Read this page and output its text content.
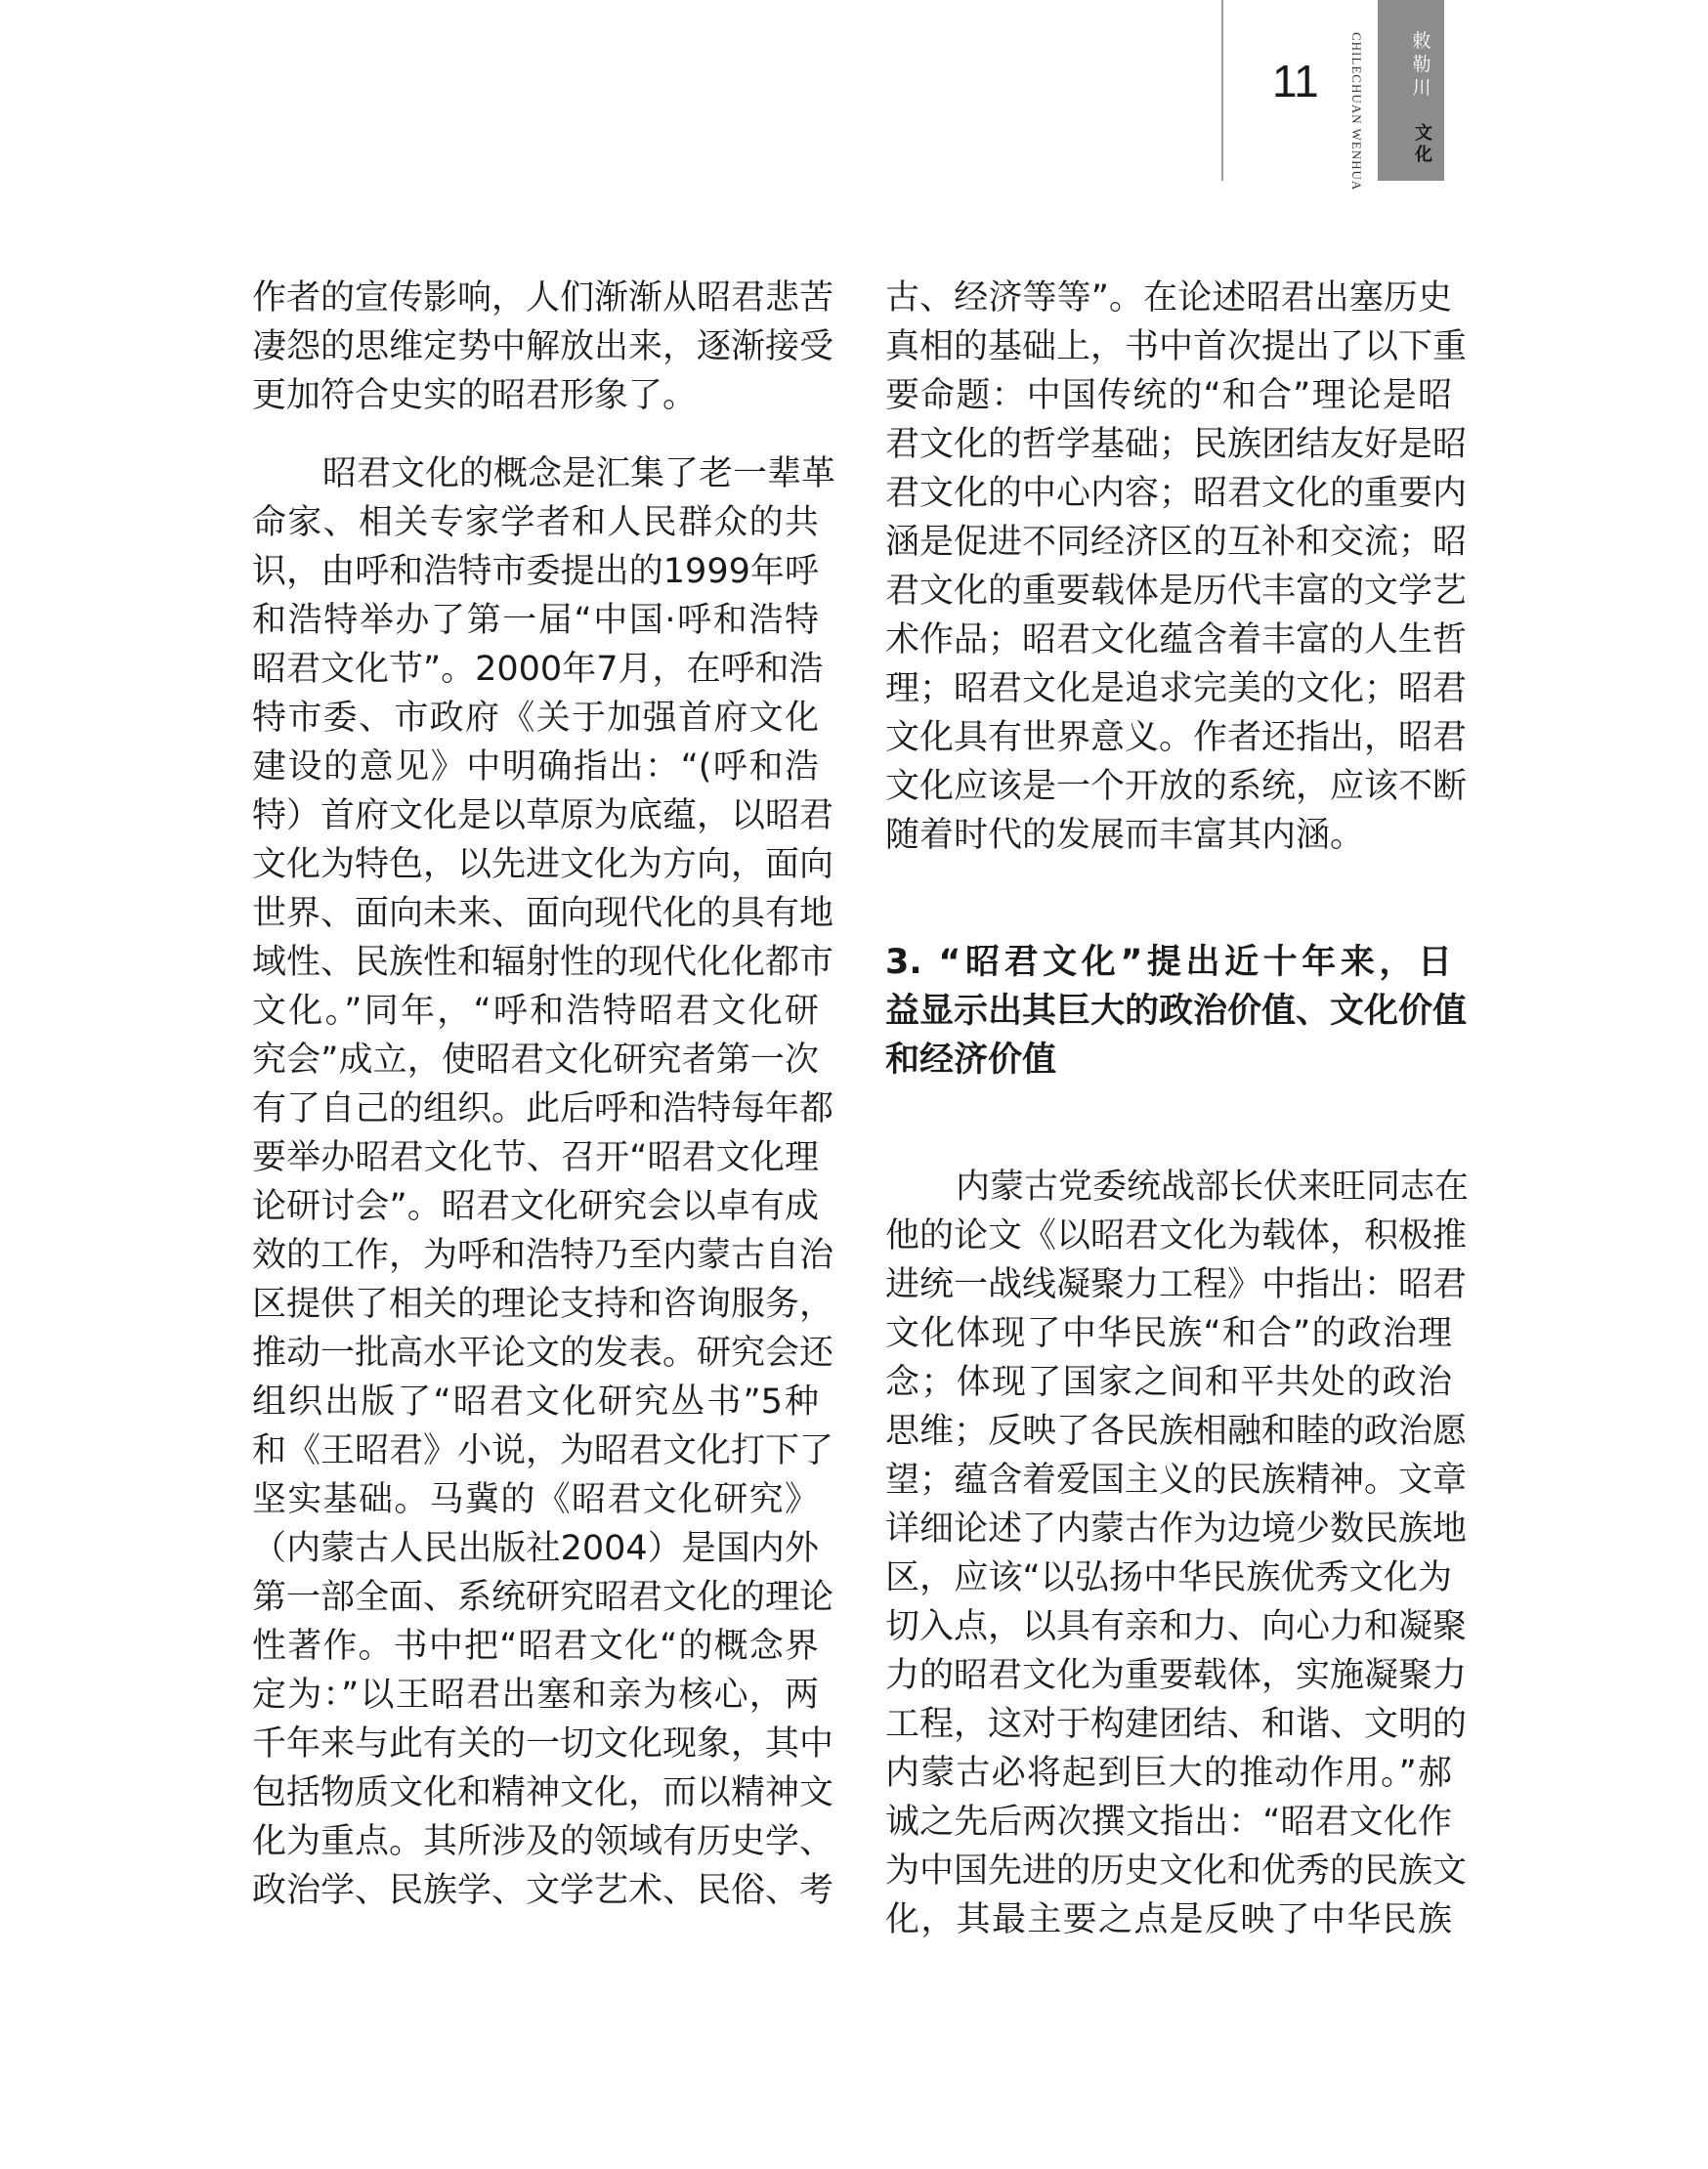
11	CHILECHUAN WENHUA	敕勒川
文化
作者的宣传影响，人们渐渐从昭君悲苦
凄怨的思维定势中解放出来，逐渐接受
更加符合史实的昭君形象了。
昭君文化的概念是汇集了老一辈革
命家、相关专家学者和人民群众的共
识，由呼和浩特市委提出的1999年呼
和浩特举办了第一届“中国·呼和浩特
昭君文化节”。2000年7月，在呼和浩
特市委、市政府《关于加强首府文化
建设的意见》中明确指出：“(呼和浩
特）首府文化是以草原为底蕴，以昭君
文化为特色，以先进文化为方向，面向
世界、面向未来、面向现代化的具有地
域性、民族性和辐射性的现代化化都市
文化。”同年，“呼和浩特昭君文化研
究会”成立，使昭君文化研究者第一次
有了自己的组织。此后呼和浩特每年都
要举办昭君文化节、召开“昭君文化理
论研讨会”。昭君文化研究会以卓有成
效的工作，为呼和浩特乃至内蒙古自治
区提供了相关的理论支持和咨询服务，
推动一批高水平论文的发表。研究会还
组织出版了“昭君文化研究丛书”5种
和《王昭君》小说，为昭君文化打下了
坚实基础。马冀的《昭君文化研究》
（内蒙古人民出版社2004）是国内外
第一部全面、系统研究昭君文化的理论
性著作。书中把“昭君文化“的概念界
定为：”以王昭君出塞和亲为核心，两
千年来与此有关的一切文化现象，其中
包括物质文化和精神文化，而以精神文
化为重点。其所涉及的领域有历史学、
政治学、民族学、文学艺术、民俗、考
古、经济等等”。在论述昭君出塞历史
真相的基础上，书中首次提出了以下重
要命题：中国传统的“和合”理论是昭
君文化的哲学基础；民族团结友好是昭
君文化的中心内容；昭君文化的重要内
涵是促进不同经济区的互补和交流；昭
君文化的重要载体是历代丰富的文学艺
术作品；昭君文化蕴含着丰富的人生哲
理；昭君文化是追求完美的文化；昭君
文化具有世界意义。作者还指出，昭君
文化应该是一个开放的系统，应该不断
随着时代的发展而丰富其内涵。
3. “昭君文化”提出近十年来，日
益显示出其巨大的政治价值、文化价值
和经济价值
内蒙古党委统战部长伏来旺同志在
他的论文《以昭君文化为载体，积极推
进统一战线凝聚力工程》中指出：昭君
文化体现了中华民族“和合”的政治理
念；体现了国家之间和平共处的政治
思维；反映了各民族相融和睦的政治愿
望；蕴含着爱国主义的民族精神。文章
详细论述了内蒙古作为边境少数民族地
区，应该“以弘扬中华民族优秀文化为
切入点，以具有亲和力、向心力和凝聚
力的昭君文化为重要载体，实施凝聚力
工程，这对于构建团结、和谐、文明的
内蒙古必将起到巨大的推动作用。”郝
诚之先后两次撰文指出：“昭君文化作
为中国先进的历史文化和优秀的民族文
化，其最主要之点是反映了中华民族
